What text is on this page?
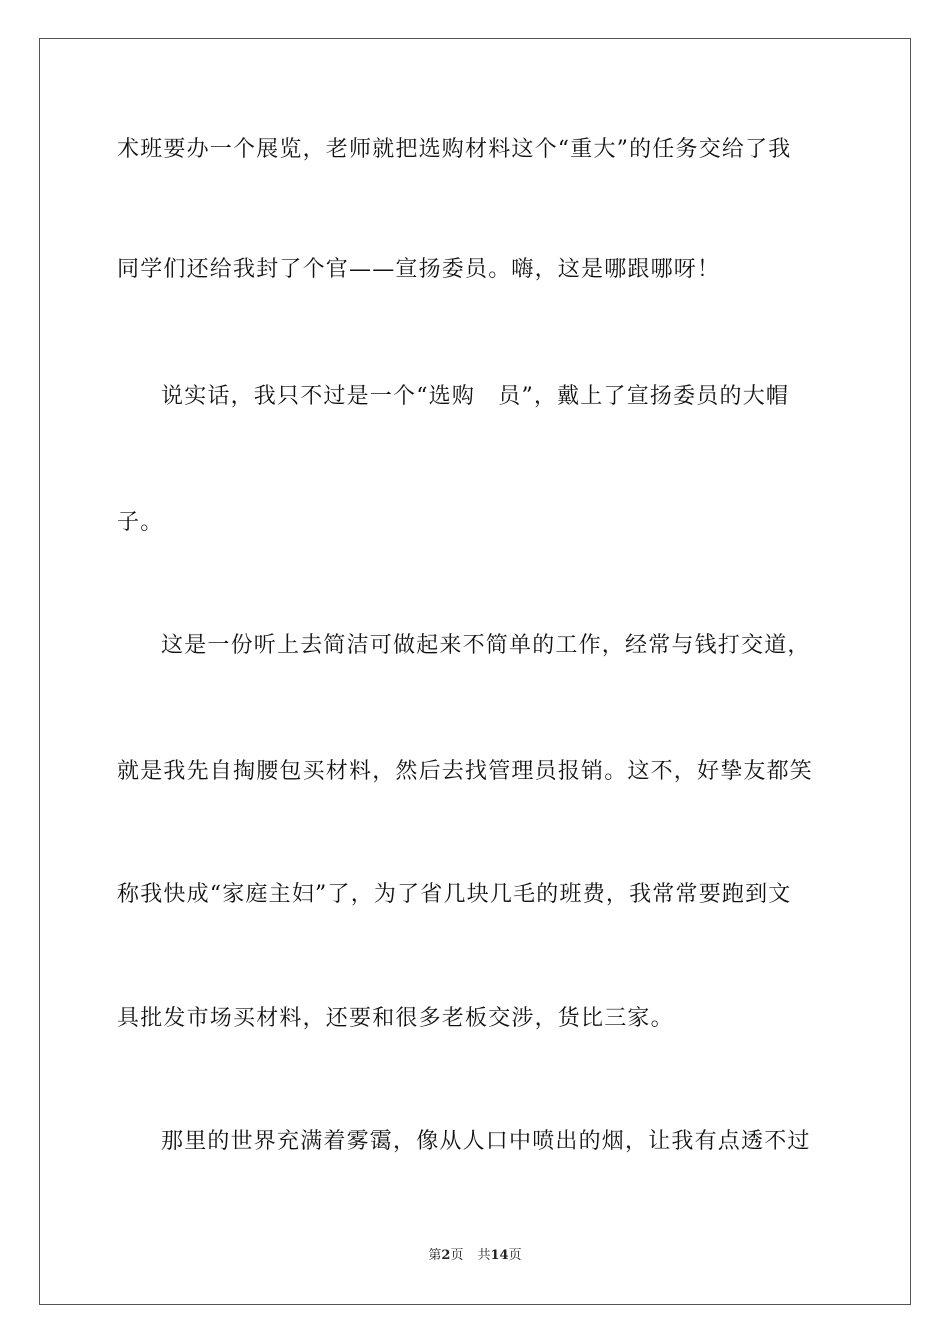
术班要办一个展览，老师就把选购材料这个“重大”的任务交给了我
同学们还给我封了个官——宣扬委员。嗨，这是哪跟哪呀！
说实话，我只不过是一个“选购　员”，戴上了宣扬委员的大帽
子。
这是一份听上去简洁可做起来不简单的工作，经常与钱打交道，
就是我先自掏腰包买材料，然后去找管理员报销。这不，好挚友都笑
称我快成“家庭主妇”了，为了省几块几毛的班费，我常常要跑到文
具批发市场买材料，还要和很多老板交涉，货比三家。
那里的世界充满着雾霭，像从人口中喷出的烟，让我有点透不过
第2页 共14页
